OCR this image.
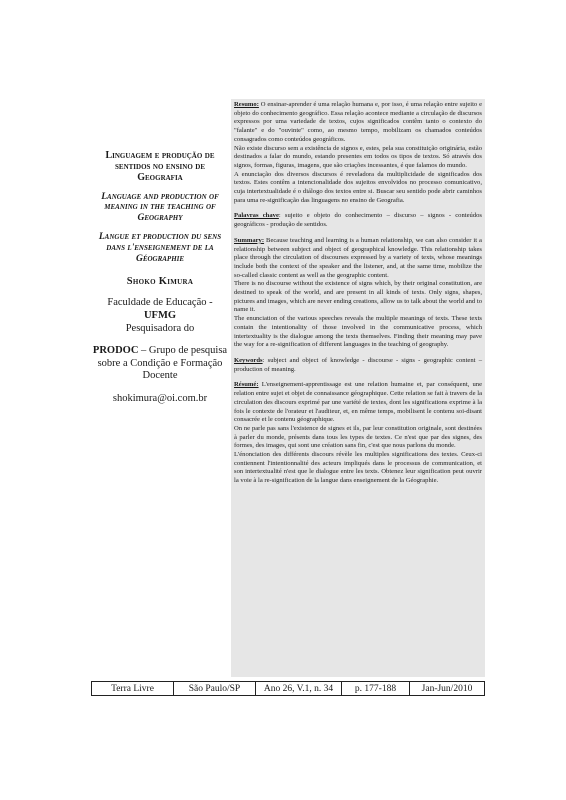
Linguagem e produção de sentidos no ensino de Geografia
Language and production of meaning in the teaching of Geography
Langue et production du sens dans l'enseignement de la Géographie
Shoko Kimura
Faculdade de Educação - UFMG
Pesquisadora do
PRODOC – Grupo de pesquisa sobre a Condição e Formação Docente
shokimura@oi.com.br

Resumo: O ensinar-aprender é uma relação humana e, por isso, é uma relação entre sujeito e objeto do conhecimento geográfico. Essa relação acontece mediante a circulação de discursos expressos por uma variedade de textos, cujos significados contêm tanto o contexto do "falante" e do "ouvinte" como, ao mesmo tempo, mobilizam os chamados conteúdos consagrados como conteúdos geográficos.

Não existe discurso sem a existência de signos e, estes, pela sua constituição originária, estão destinados a falar do mundo, estando presentes em todos os tipos de textos. Só através dos signos, formas, figuras, imagens, que são criações incessantes, é que falamos do mundo.

A enunciação dos diversos discursos é reveladora da multiplicidade de significados dos textos. Estes contêm a intencionalidade dos sujeitos envolvidos no processo comunicativo, cuja intertextualidade é o diálogo dos textos entre si. Buscar seu sentido pode abrir caminhos para uma re-significação das linguagens no ensino de Geografia.

Palavras chave: sujeito e objeto do conhecimento – discurso – signos - conteúdos geográficos - produção de sentidos.

Summary: Because teaching and learning is a human relationship, we can also consider it a relationship between subject and object of geographical knowledge. This relationship takes place through the circulation of discourses expressed by a variety of texts, whose meanings include both the context of the speaker and the listener, and, at the same time, mobilize the so-called classic content as well as the geographic content.

There is no discourse without the existence of signs which, by their original constitution, are destined to speak of the world, and are present in all kinds of texts. Only signs, shapes, pictures and images, which are never ending creations, allow us to talk about the world and to name it.

The enunciation of the various speeches reveals the multiple meanings of texts. These texts contain the intentionality of those involved in the communicative process, which intertextuality is the dialogue among the texts themselves. Finding their meaning may pave the way for a re-signification of different languages in the teaching of geography.

Keywords: subject and object of knowledge - discourse - signs - geographic content – production of meaning.

Résumé: L'enseignement-apprentissage est une relation humaine et, par conséquent, une relation entre sujet et objet de connaissance géographique. Cette relation se fait à travers de la circulation des discours exprimé par une variété de textes, dont les significations exprime à la fois le contexte de l'orateur et l'auditeur, et, en même temps, mobilisent le contenu soi-disant consacrée et le contenu géographique.

On ne parle pas sans l'existence de signes et ils, par leur constitution originale, sont destinées à parler du monde, présents dans tous les types de textes. Ce n'est que par des signes, des formes, des images, qui sont une création sans fin, c'est que nous parlons du monde.

L'énonciation des différents discours révèle les multiples significations des textes. Ceux-ci contiennent l'intentionnalité des acteurs impliqués dans le processus de communication, et son intertextualité n'est que le dialogue entre les texts. Obtenez leur signification peut ouvrir la voie à la re-signification de la langue dans enseignement de la Géographie.

Terra Livre	São Paulo/SP	Ano 26, V.1, n. 34	p. 177-188	Jan-Jun/2010
